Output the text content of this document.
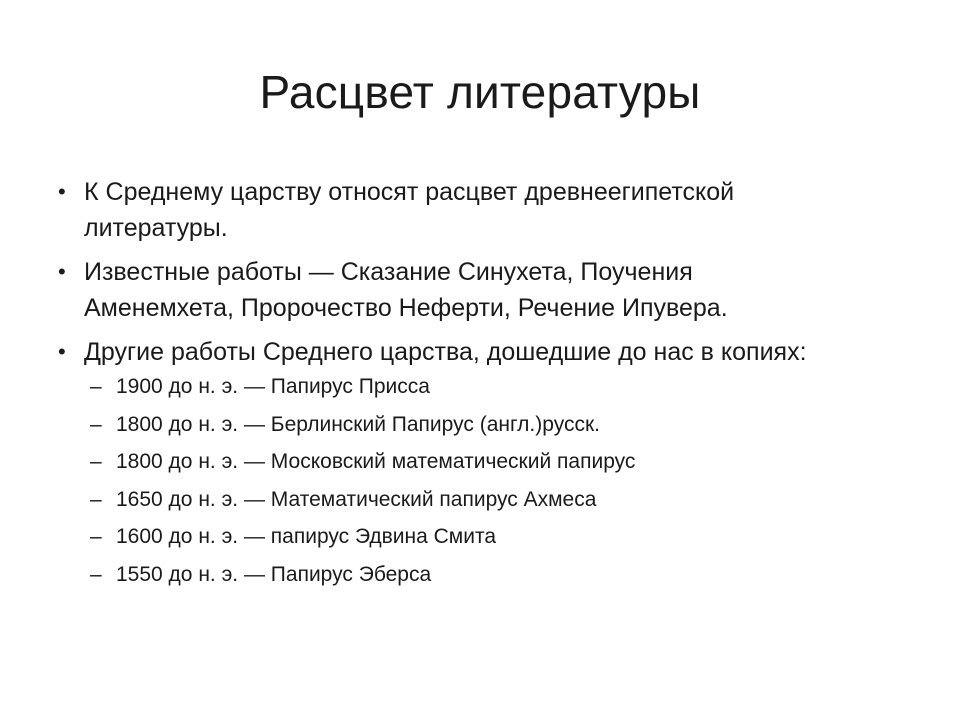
Расцвет литературы
• К Среднему царству относят расцвет древнеегипетской литературы.
• Известные работы — Сказание Синухета, Поучения Аменемхета, Пророчество Неферти, Речение Ипувера.
• Другие работы Среднего царства, дошедшие до нас в копиях:
– 1900 до н. э. — Папирус Присса
– 1800 до н. э. — Берлинский Папирус (англ.)русск.
– 1800 до н. э. — Московский математический папирус
– 1650 до н. э. — Математический папирус Ахмеса
– 1600 до н. э. — папирус Эдвина Смита
– 1550 до н. э. — Папирус Эберса
